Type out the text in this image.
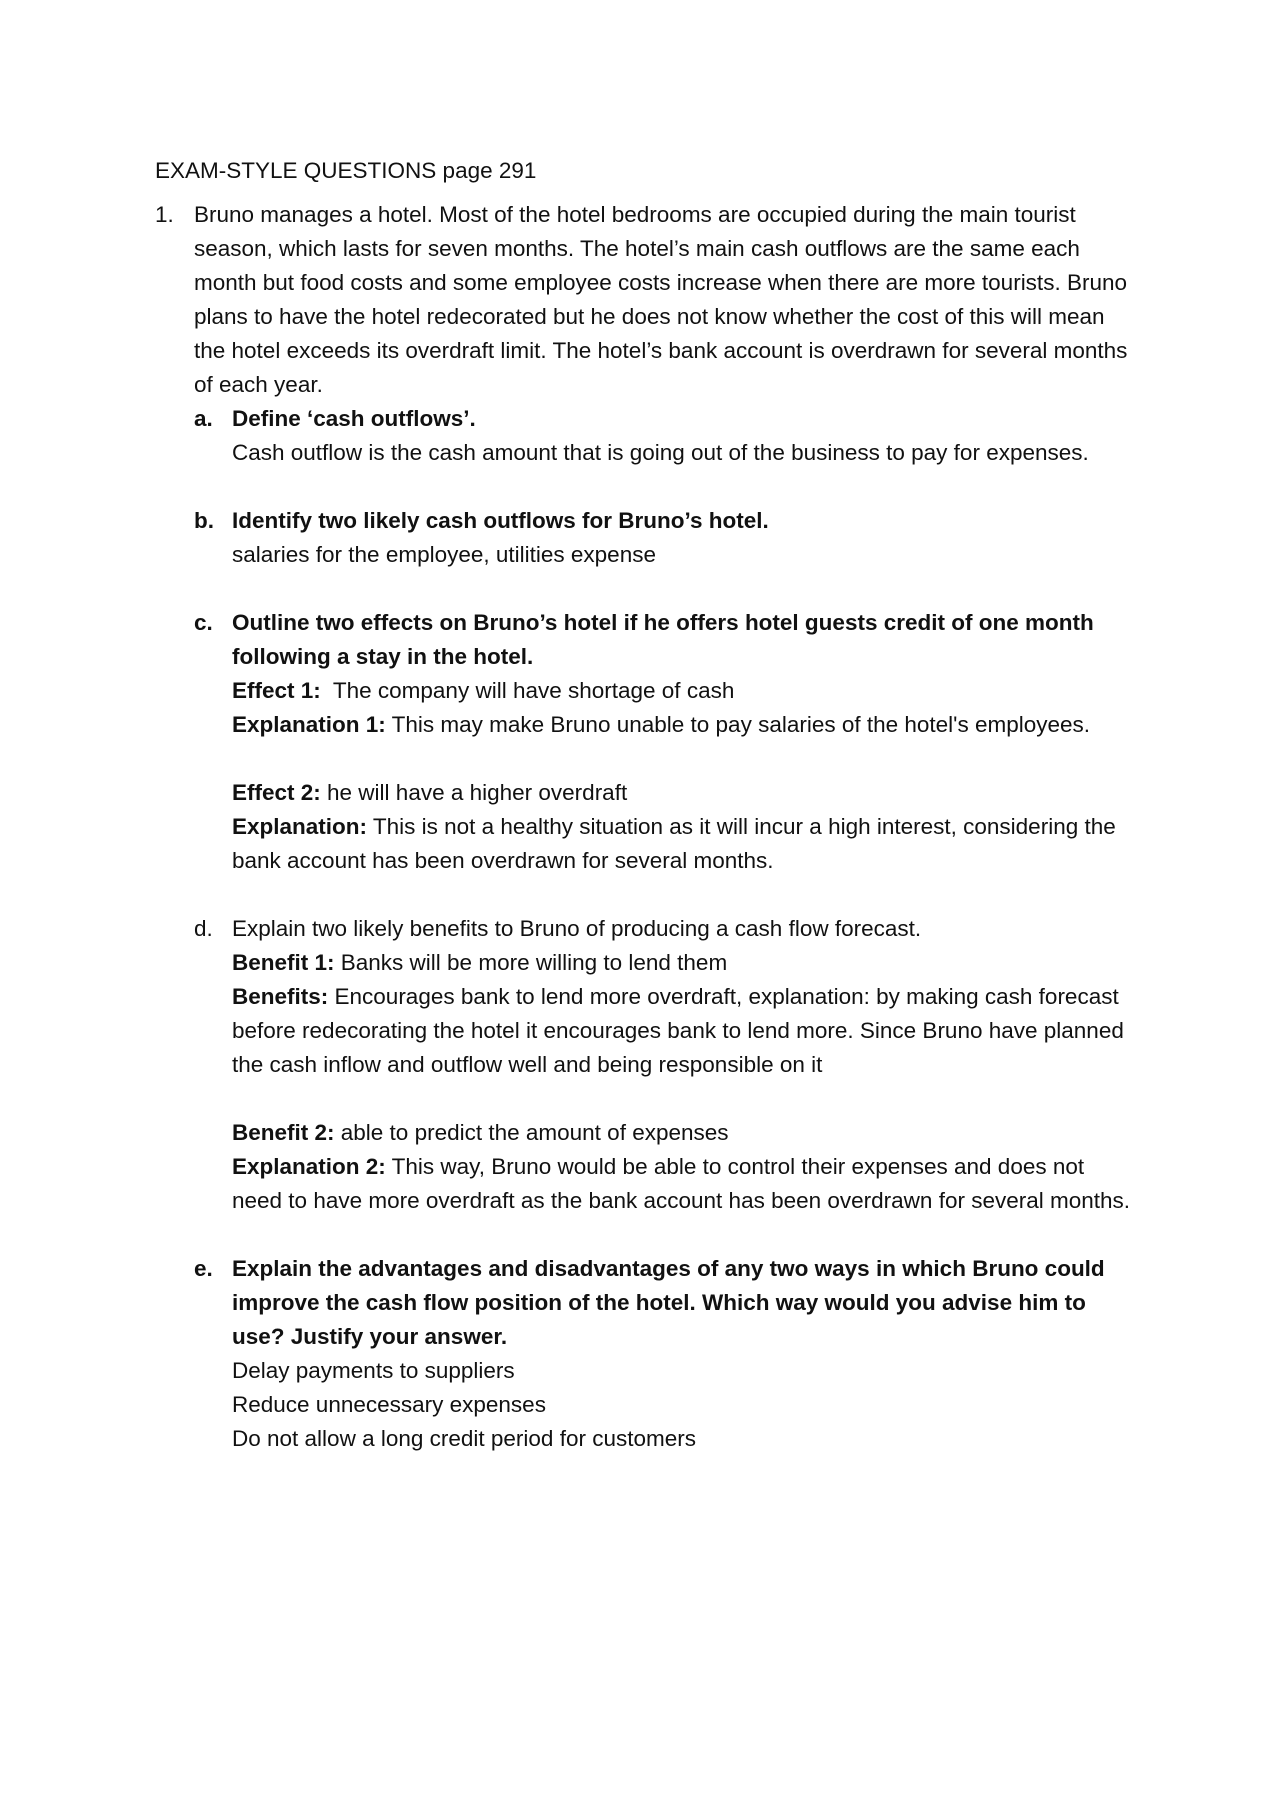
EXAM-STYLE QUESTIONS page 291

1. Bruno manages a hotel. Most of the hotel bedrooms are occupied during the main tourist season, which lasts for seven months. The hotel’s main cash outflows are the same each month but food costs and some employee costs increase when there are more tourists. Bruno plans to have the hotel redecorated but he does not know whether the cost of this will mean the hotel exceeds its overdraft limit. The hotel’s bank account is overdrawn for several months of each year.

a. Define ‘cash outflows’.
Cash outflow is the cash amount that is going out of the business to pay for expenses.
b. Identify two likely cash outflows for Bruno’s hotel.
salaries for the employee, utilities expense
c. Outline two effects on Bruno’s hotel if he offers hotel guests credit of one month following a stay in the hotel.
Effect 1:  The company will have shortage of cash
Explanation 1: This may make Bruno unable to pay salaries of the hotel's employees.
Effect 2: he will have a higher overdraft
Explanation: This is not a healthy situation as it will incur a high interest, considering the bank account has been overdrawn for several months.
d. Explain two likely benefits to Bruno of producing a cash flow forecast.
Benefit 1: Banks will be more willing to lend them
Benefits: Encourages bank to lend more overdraft, explanation: by making cash forecast before redecorating the hotel it encourages bank to lend more. Since Bruno have planned the cash inflow and outflow well and being responsible on it
Benefit 2: able to predict the amount of expenses
Explanation 2: This way, Bruno would be able to control their expenses and does not need to have more overdraft as the bank account has been overdrawn for several months.
e. Explain the advantages and disadvantages of any two ways in which Bruno could improve the cash flow position of the hotel. Which way would you advise him to use? Justify your answer.
Delay payments to suppliers
Reduce unnecessary expenses
Do not allow a long credit period for customers
